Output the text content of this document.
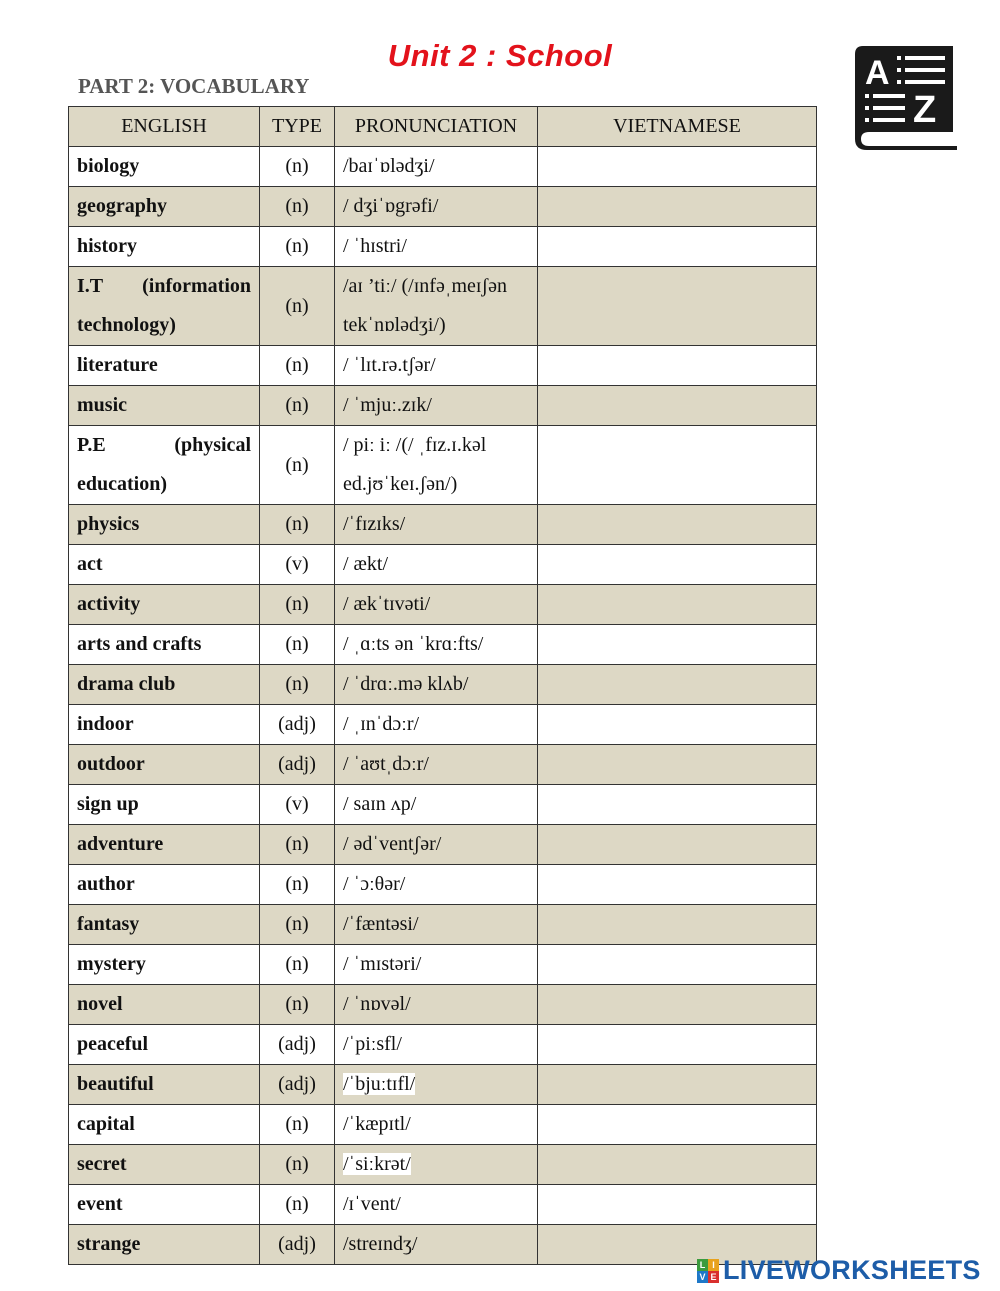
Unit 2 : School
PART 2: VOCABULARY	A
Z
ENGLISH	TYPE	PRONUNCIATION	VIETNAMESE
biology	(n)	/baɪˈɒlədʒi/	
geography	(n)	/ dʒiˈɒgrəfi/	
history	(n)	/ ˈhɪstri/	
I.T (information technology)	(n)	/aɪ ’tiː/ (/ɪnfəˌmeɪʃən tekˈnɒlədʒi/)	
literature	(n)	/ ˈlɪt.rə.tʃər/	
music	(n)	/ ˈmjuː.zɪk/	
P.E (physical education)	(n)	/ piː iː /(/ ˌfɪz.ɪ.kəl ed.jʊˈkeɪ.ʃən/)	
physics	(n)	/ˈfɪzɪks/	
act	(v)	/ ækt/	
activity	(n)	/ ækˈtɪvəti/	
arts and crafts	(n)	/ ˌɑːts ən ˈkrɑːfts/	
drama club	(n)	/ ˈdrɑː.mə klʌb/	
indoor	(adj)	/ ˌɪnˈdɔːr/	
outdoor	(adj)	/ ˈaʊtˌdɔːr/	
sign up	(v)	/ saɪn ʌp/	
adventure	(n)	/ ədˈventʃər/	
author	(n)	/ ˈɔːθər/	
fantasy	(n)	/ˈfæntəsi/	
mystery	(n)	/ ˈmɪstəri/	
novel	(n)	/ ˈnɒvəl/	
peaceful	(adj)	/ˈpiːsfl/	
beautiful	(adj)	/ˈbjuːtɪfl/	
capital	(n)	/ˈkæpɪtl/	
secret	(n)	/ˈsiːkrət/	
event	(n)	/ɪˈvent/	
strange	(adj)	/streɪndʒ/	
L I
V E LIVEWORKSHEETS
